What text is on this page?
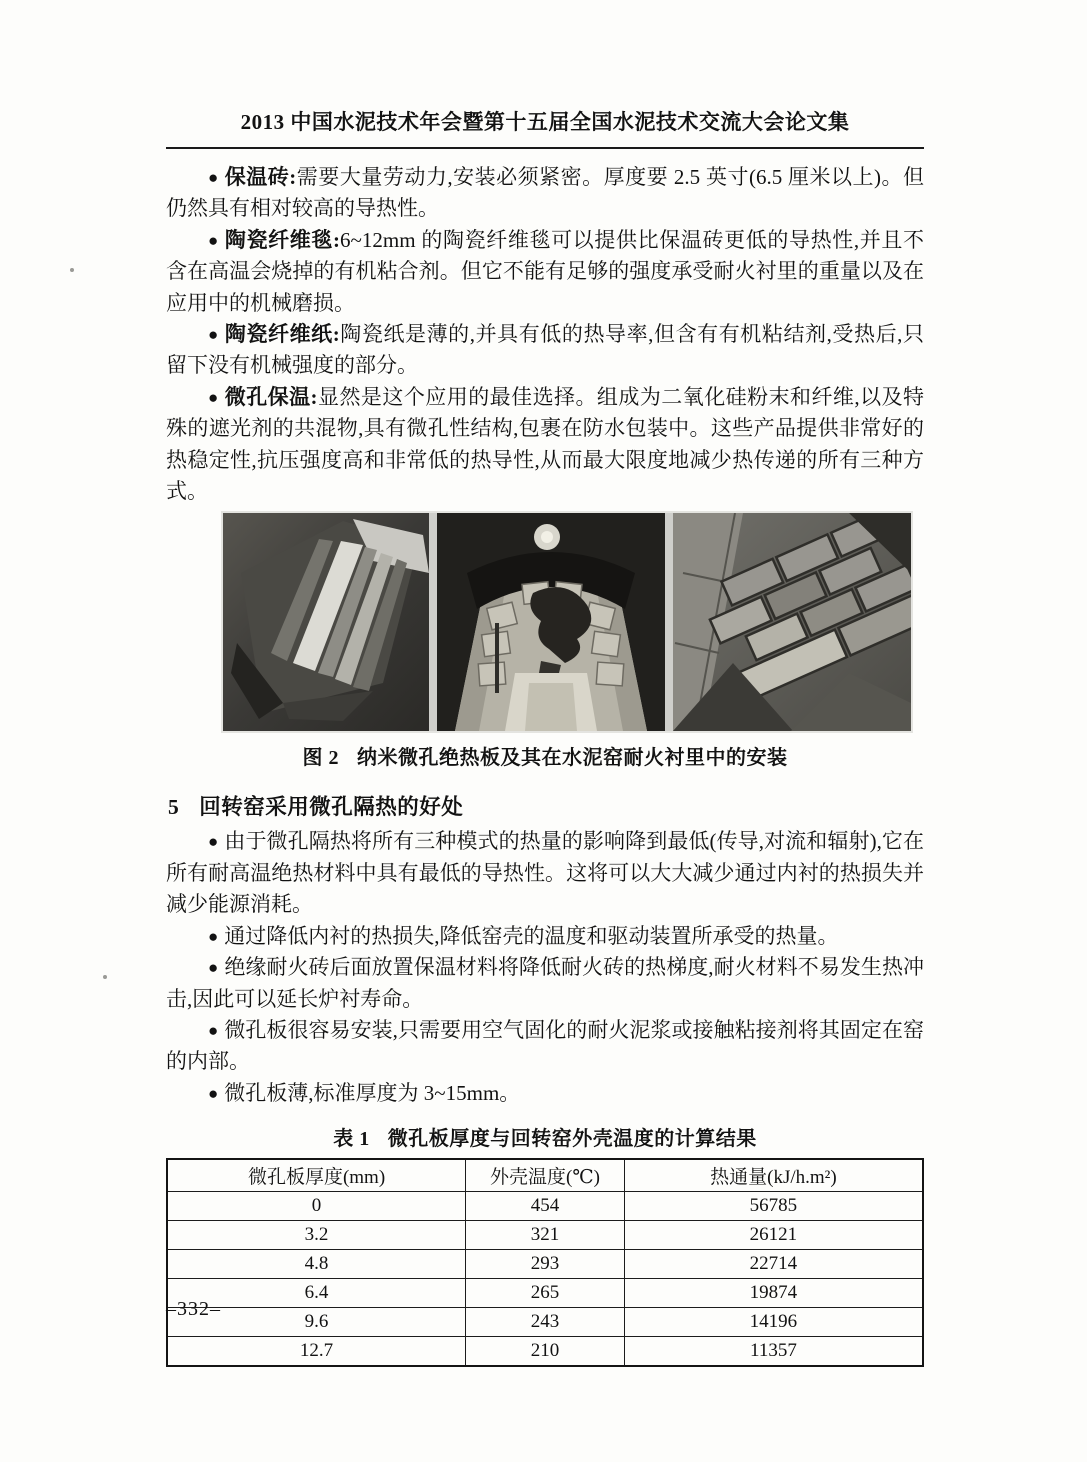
2013 中国水泥技术年会暨第十五届全国水泥技术交流大会论文集

● 保温砖:需要大量劳动力,安装必须紧密。厚度要 2.5 英寸(6.5 厘米以上)。但仍然具有相对较高的导热性。

● 陶瓷纤维毯:6~12mm 的陶瓷纤维毯可以提供比保温砖更低的导热性,并且不含在高温会烧掉的有机粘合剂。但它不能有足够的强度承受耐火衬里的重量以及在应用中的机械磨损。

● 陶瓷纤维纸:陶瓷纸是薄的,并具有低的热导率,但含有有机粘结剂,受热后,只留下没有机械强度的部分。

● 微孔保温:显然是这个应用的最佳选择。组成为二氧化硅粉末和纤维,以及特殊的遮光剂的共混物,具有微孔性结构,包裹在防水包装中。这些产品提供非常好的热稳定性,抗压强度高和非常低的热导性,从而最大限度地减少热传递的所有三种方式。

图 2 纳米微孔绝热板及其在水泥窑耐火衬里中的安装
5 回转窑采用微孔隔热的好处

● 由于微孔隔热将所有三种模式的热量的影响降到最低(传导,对流和辐射),它在所有耐高温绝热材料中具有最低的导热性。这将可以大大减少通过内衬的热损失并减少能源消耗。

● 通过降低内衬的热损失,降低窑壳的温度和驱动装置所承受的热量。

● 绝缘耐火砖后面放置保温材料将降低耐火砖的热梯度,耐火材料不易发生热冲击,因此可以延长炉衬寿命。

● 微孔板很容易安装,只需要用空气固化的耐火泥浆或接触粘接剂将其固定在窑的内部。

● 微孔板薄,标准厚度为 3~15mm。

表 1 微孔板厚度与回转窑外壳温度的计算结果
微孔板厚度(mm)	外壳温度(℃)	热通量(kJ/h.m²)
0	454	56785
3.2	321	26121
4.8	293	22714
6.4	265	19874
9.6	243	14196
12.7	210	11357
–332–
